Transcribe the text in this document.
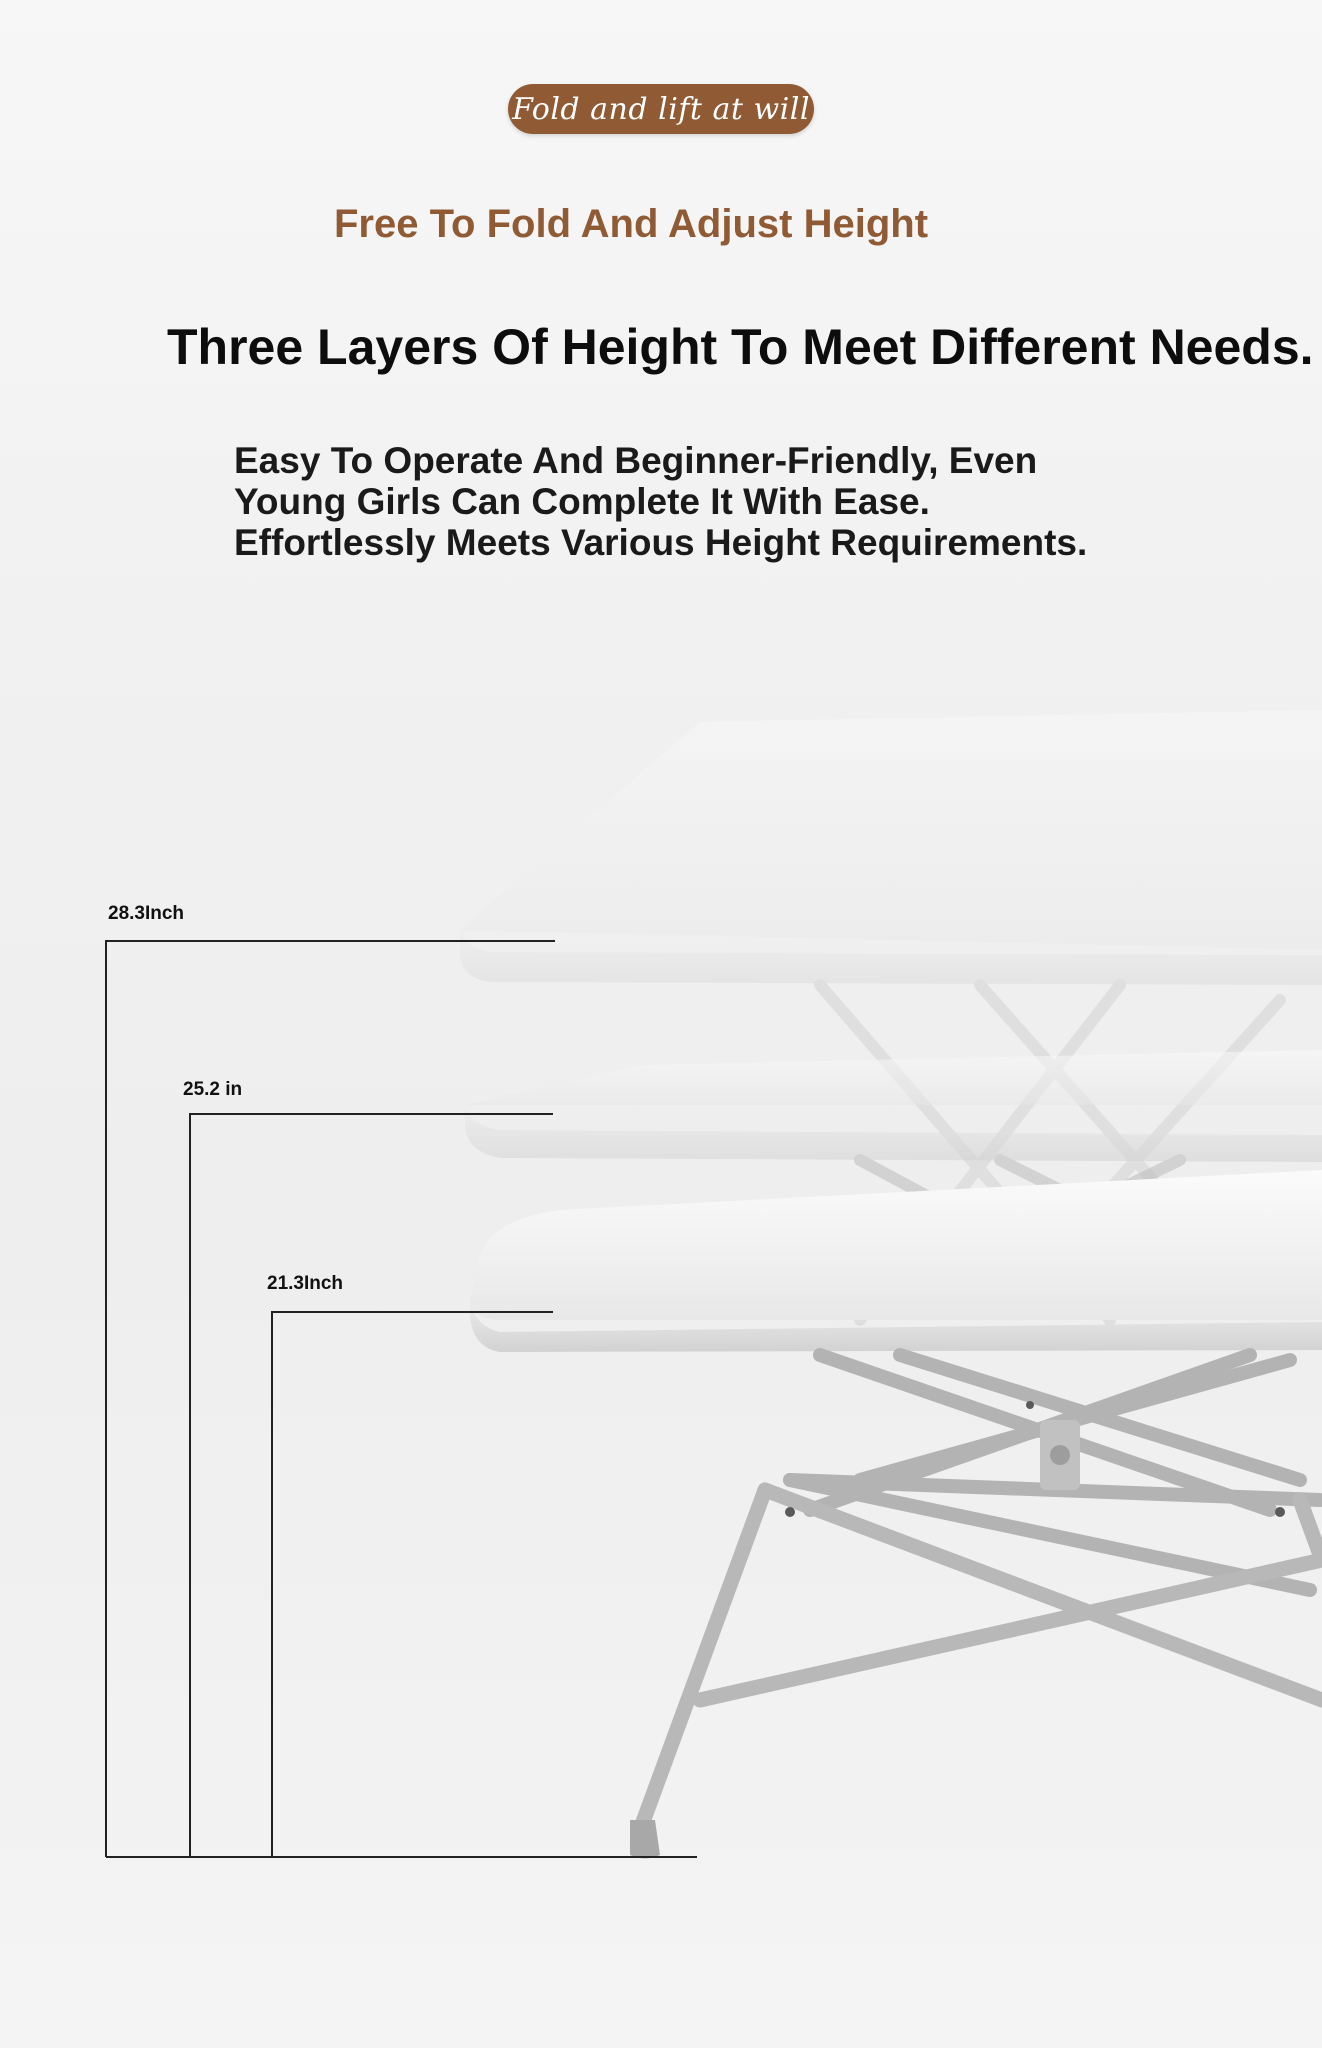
Fold and lift at will
Free To Fold And Adjust Height
Three Layers Of Height To Meet Different Needs.
Easy To Operate And Beginner-Friendly, Even
Young Girls Can Complete It With Ease.
Effortlessly Meets Various Height Requirements.
28.3Inch
25.2 in
21.3Inch
